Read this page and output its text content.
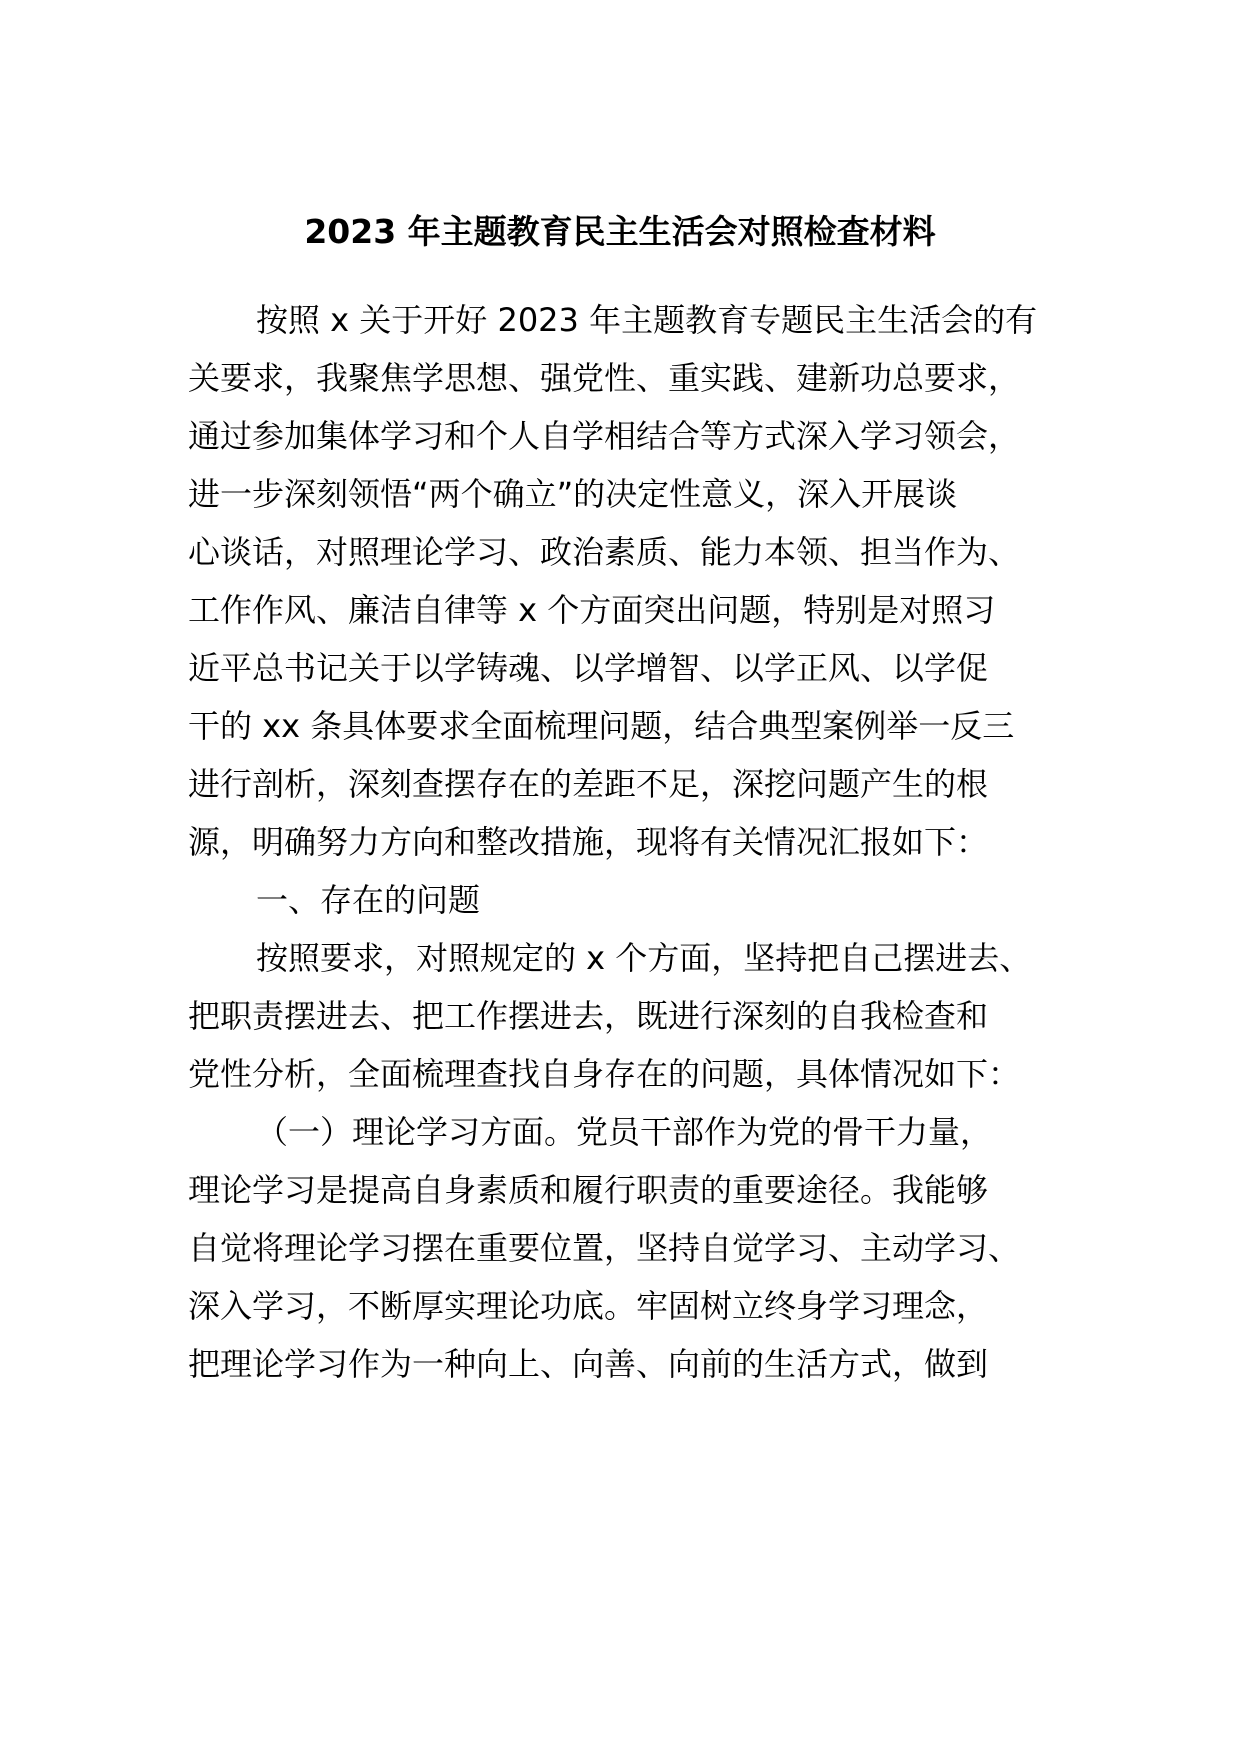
2023 年主题教育民主生活会对照检查材料
按照 x 关于开好 2023 年主题教育专题民主生活会的有
关要求，我聚焦学思想、强党性、重实践、建新功总要求，
通过参加集体学习和个人自学相结合等方式深入学习领会，
进一步深刻领悟“两个确立”的决定性意义，深入开展谈
心谈话，对照理论学习、政治素质、能力本领、担当作为、
工作作风、廉洁自律等 x 个方面突出问题，特别是对照习
近平总书记关于以学铸魂、以学增智、以学正风、以学促
干的 xx 条具体要求全面梳理问题，结合典型案例举一反三
进行剖析，深刻查摆存在的差距不足，深挖问题产生的根
源，明确努力方向和整改措施，现将有关情况汇报如下：
一、存在的问题
按照要求，对照规定的 x 个方面，坚持把自己摆进去、
把职责摆进去、把工作摆进去，既进行深刻的自我检查和
党性分析，全面梳理查找自身存在的问题，具体情况如下：
（一）理论学习方面。党员干部作为党的骨干力量，
理论学习是提高自身素质和履行职责的重要途径。我能够
自觉将理论学习摆在重要位置，坚持自觉学习、主动学习、
深入学习，不断厚实理论功底。牢固树立终身学习理念，
把理论学习作为一种向上、向善、向前的生活方式，做到
